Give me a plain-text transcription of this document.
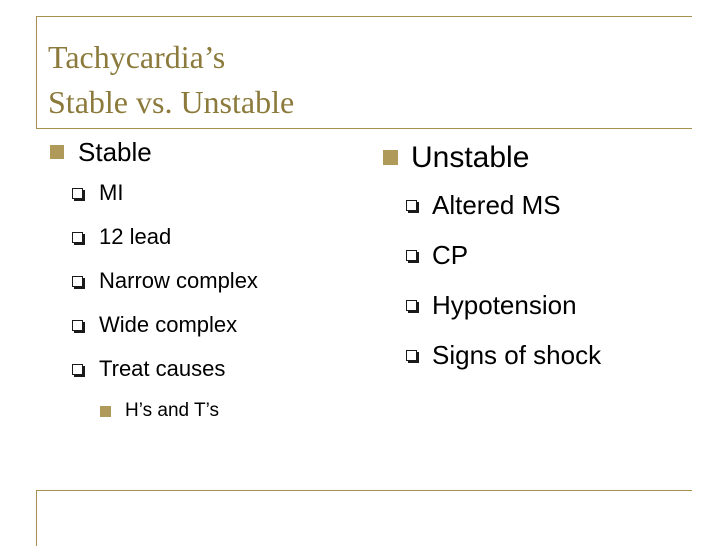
Tachycardia’s
Stable vs. Unstable
Stable
MI
12 lead
Narrow complex
Wide complex
Treat causes
H’s and T’s
Unstable
Altered MS
CP
Hypotension
Signs of shock
